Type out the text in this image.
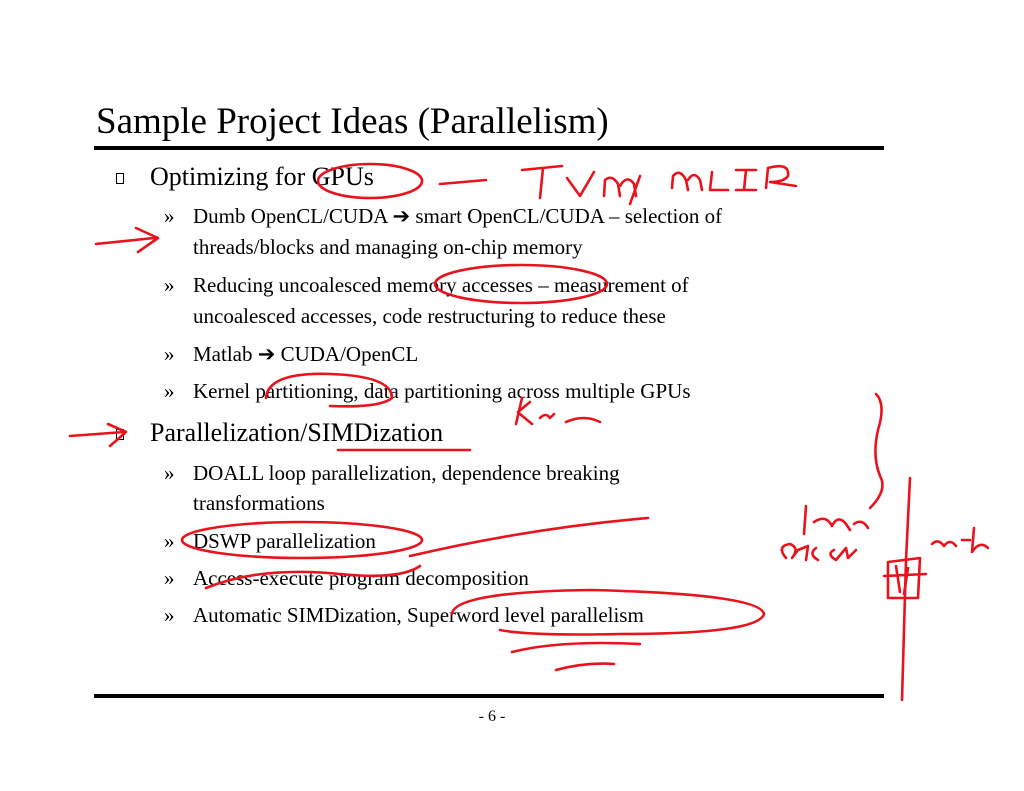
Sample Project Ideas (Parallelism)
Optimizing for GPUs
» Dumb OpenCL/CUDA ➔ smart OpenCL/CUDA – selection of
threads/blocks and managing on-chip memory
» Reducing uncoalesced memory accesses – measurement of
uncoalesced accesses, code restructuring to reduce these
» Matlab ➔ CUDA/OpenCL
» Kernel partitioning, data partitioning across multiple GPUs
Parallelization/SIMDization
» DOALL loop parallelization, dependence breaking
transformations
» DSWP parallelization
» Access-execute program decomposition
» Automatic SIMDization, Superword level parallelism
- 6 -
